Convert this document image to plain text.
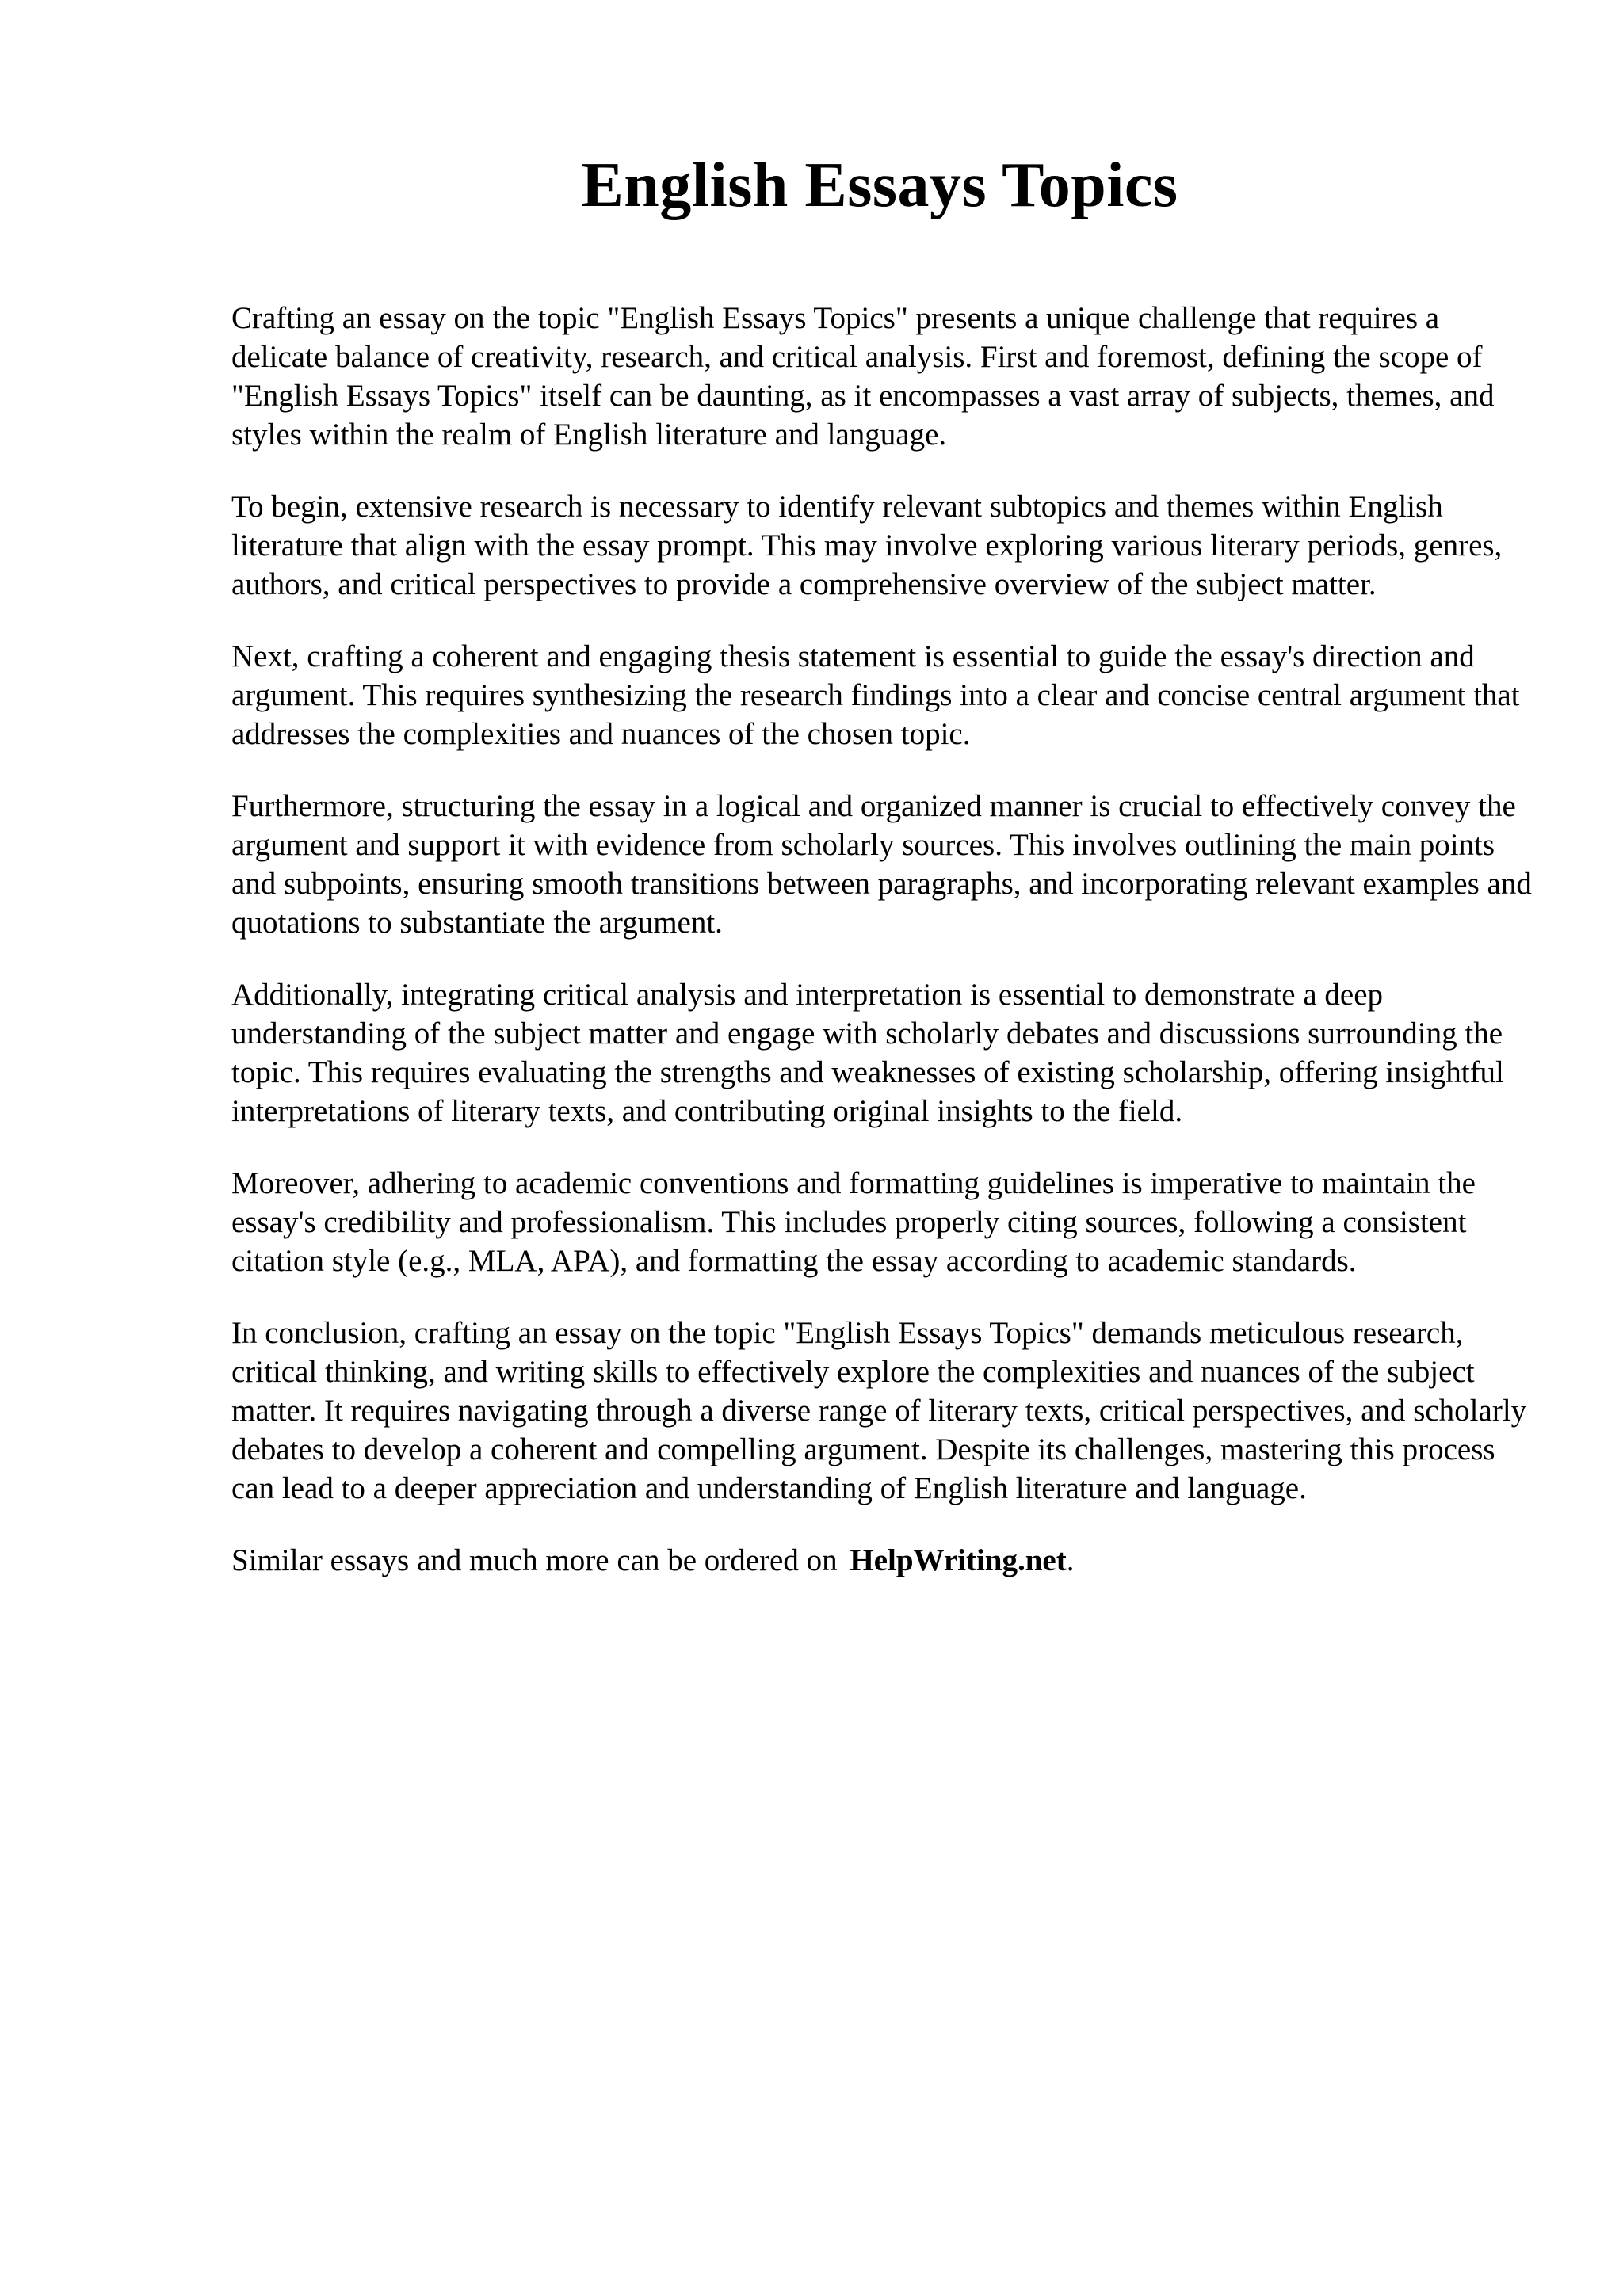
English Essays Topics

Crafting an essay on the topic "English Essays Topics" presents a unique challenge that requires a delicate balance of creativity, research, and critical analysis. First and foremost, defining the scope of "English Essays Topics" itself can be daunting, as it encompasses a vast array of subjects, themes, and styles within the realm of English literature and language.

To begin, extensive research is necessary to identify relevant subtopics and themes within English literature that align with the essay prompt. This may involve exploring various literary periods, genres, authors, and critical perspectives to provide a comprehensive overview of the subject matter.

Next, crafting a coherent and engaging thesis statement is essential to guide the essay's direction and argument. This requires synthesizing the research findings into a clear and concise central argument that addresses the complexities and nuances of the chosen topic.

Furthermore, structuring the essay in a logical and organized manner is crucial to effectively convey the argument and support it with evidence from scholarly sources. This involves outlining the main points and subpoints, ensuring smooth transitions between paragraphs, and incorporating relevant examples and quotations to substantiate the argument.

Additionally, integrating critical analysis and interpretation is essential to demonstrate a deep understanding of the subject matter and engage with scholarly debates and discussions surrounding the topic. This requires evaluating the strengths and weaknesses of existing scholarship, offering insightful interpretations of literary texts, and contributing original insights to the field.

Moreover, adhering to academic conventions and formatting guidelines is imperative to maintain the essay's credibility and professionalism. This includes properly citing sources, following a consistent citation style (e.g., MLA, APA), and formatting the essay according to academic standards.

In conclusion, crafting an essay on the topic "English Essays Topics" demands meticulous research, critical thinking, and writing skills to effectively explore the complexities and nuances of the subject matter. It requires navigating through a diverse range of literary texts, critical perspectives, and scholarly debates to develop a coherent and compelling argument. Despite its challenges, mastering this process can lead to a deeper appreciation and understanding of English literature and language.

Similar essays and much more can be ordered on HelpWriting.net.
